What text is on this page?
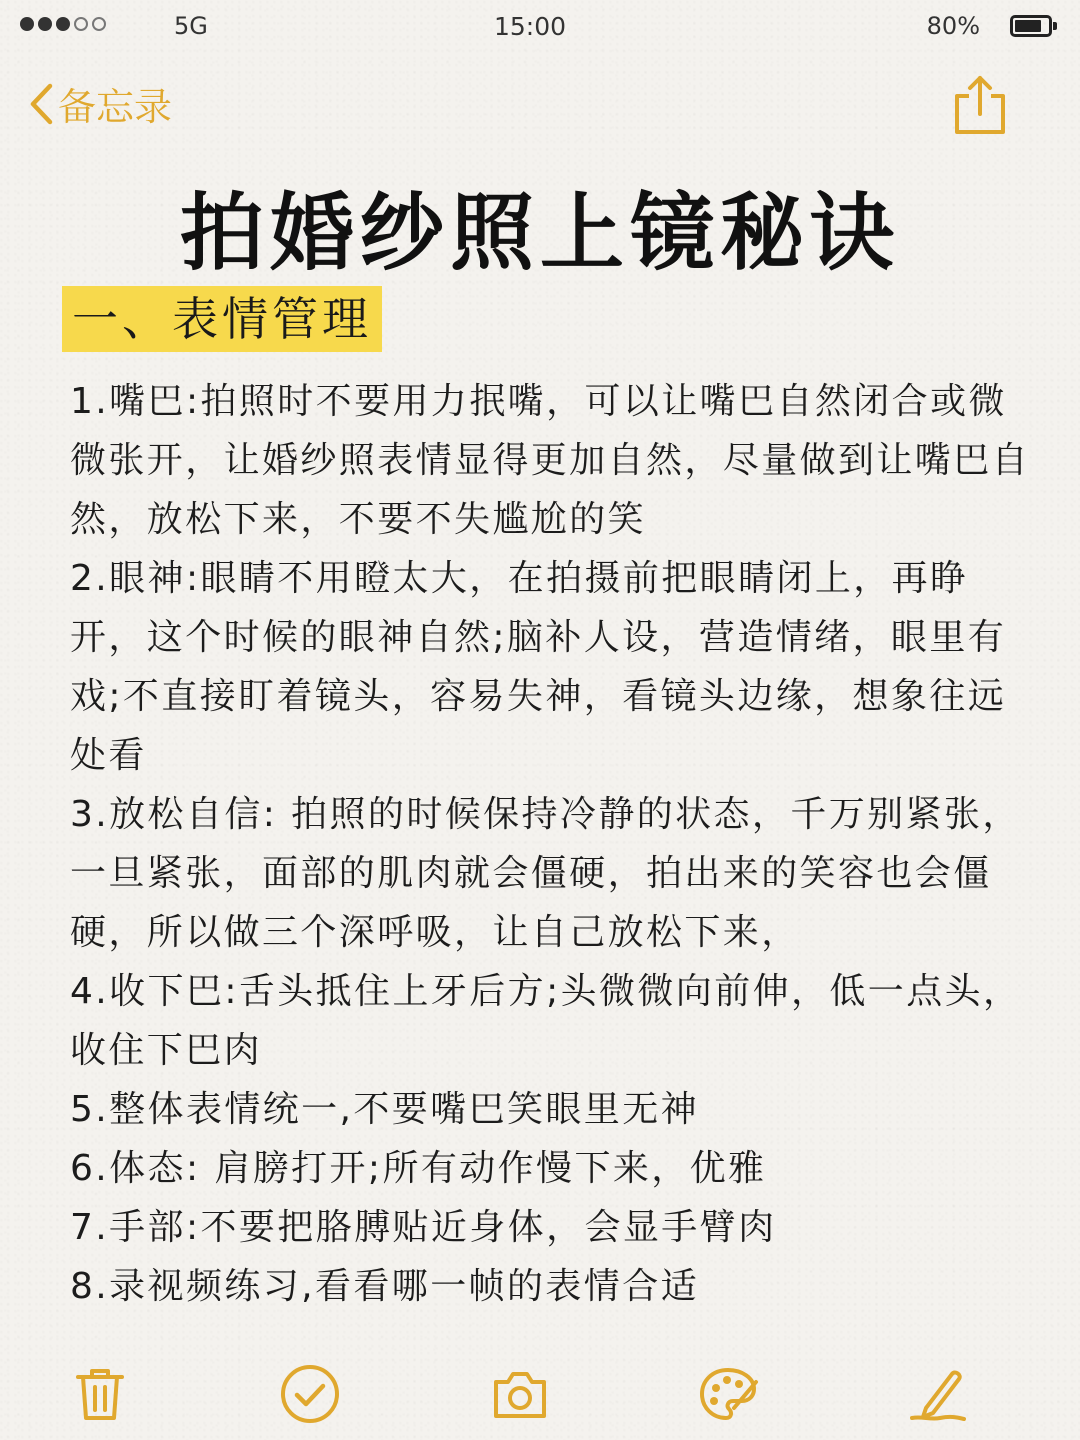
5G	15:00	80%
备忘录
拍婚纱照上镜秘诀
一、表情管理

1.嘴巴:拍照时不要用力抿嘴，可以让嘴巴自然闭合或微微张开，让婚纱照表情显得更加自然，尽量做到让嘴巴自然，放松下来，不要不失尴尬的笑

2.眼神:眼睛不用瞪太大，在拍摄前把眼睛闭上，再睁开，这个时候的眼神自然;脑补人设，营造情绪，眼里有戏;不直接盯着镜头，容易失神，看镜头边缘，想象往远处看

3.放松自信: 拍照的时候保持冷静的状态，千万别紧张，一旦紧张，面部的肌肉就会僵硬，拍出来的笑容也会僵硬，所以做三个深呼吸，让自己放松下来，

4.收下巴:舌头抵住上牙后方;头微微向前伸，低一点头，收住下巴肉

5.整体表情统一,不要嘴巴笑眼里无神

6.体态: 肩膀打开;所有动作慢下来，优雅

7.手部:不要把胳膊贴近身体，会显手臂肉

8.录视频练习,看看哪一帧的表情合适
